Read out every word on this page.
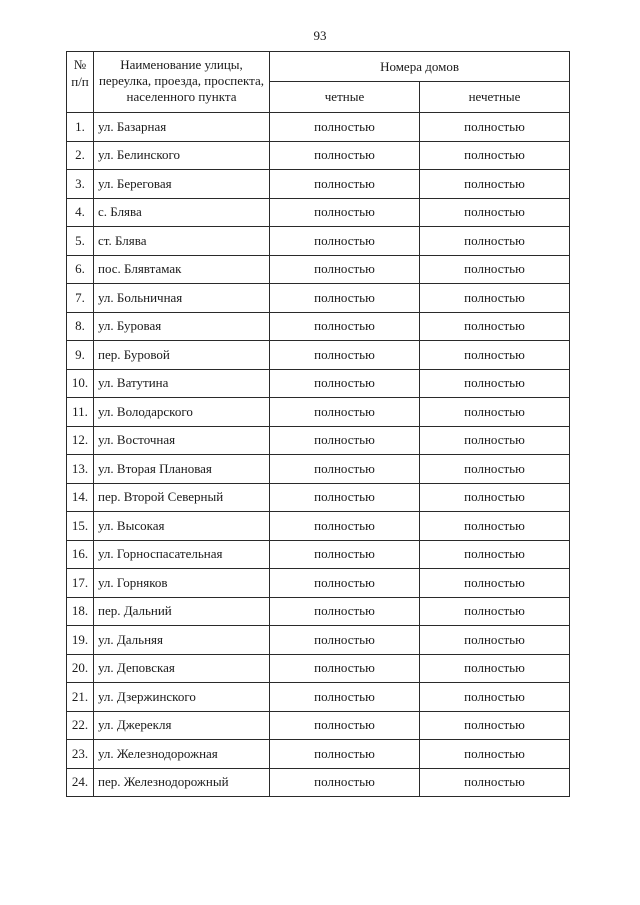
93
№ п/п	Наименование улицы, переулка, проезда, проспекта, населенного пункта	Номера домов	
		четные	нечетные
1.	ул. Базарная	полностью	полностью
2.	ул. Белинского	полностью	полностью
3.	ул. Береговая	полностью	полностью
4.	с. Блява	полностью	полностью
5.	ст. Блява	полностью	полностью
6.	пос. Блявтамак	полностью	полностью
7.	ул. Больничная	полностью	полностью
8.	ул. Буровая	полностью	полностью
9.	пер. Буровой	полностью	полностью
10.	ул. Ватутина	полностью	полностью
11.	ул. Володарского	полностью	полностью
12.	ул. Восточная	полностью	полностью
13.	ул. Вторая Плановая	полностью	полностью
14.	пер. Второй Северный	полностью	полностью
15.	ул. Высокая	полностью	полностью
16.	ул. Горноспасательная	полностью	полностью
17.	ул. Горняков	полностью	полностью
18.	пер. Дальний	полностью	полностью
19.	ул. Дальняя	полностью	полностью
20.	ул. Деповская	полностью	полностью
21.	ул. Дзержинского	полностью	полностью
22.	ул. Джерекля	полностью	полностью
23.	ул. Железнодорожная	полностью	полностью
24.	пер. Железнодорожный	полностью	полностью
